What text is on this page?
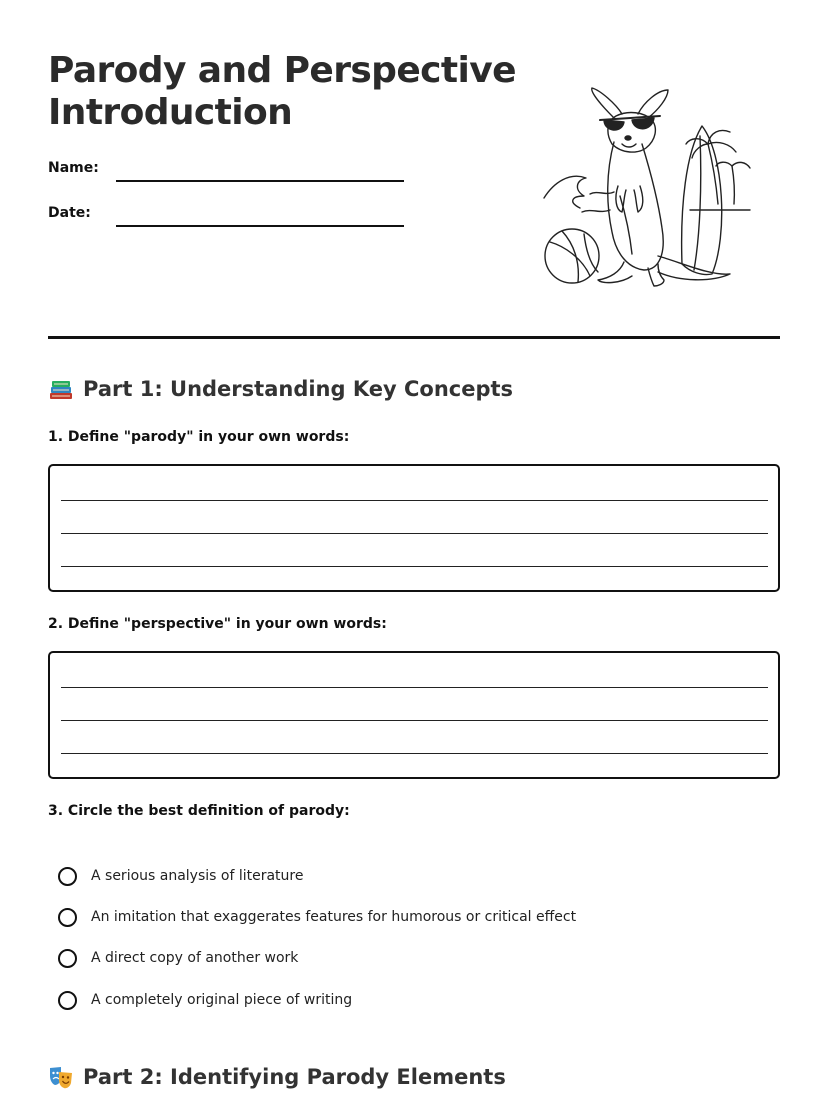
Parody and Perspective
Introduction
Name:
Date:
Part 1: Understanding Key Concepts
1. Define "parody" in your own words:
2. Define "perspective" in your own words:
3. Circle the best definition of parody:
A serious analysis of literature
An imitation that exaggerates features for humorous or critical effect
A direct copy of another work
A completely original piece of writing
Part 2: Identifying Parody Elements
